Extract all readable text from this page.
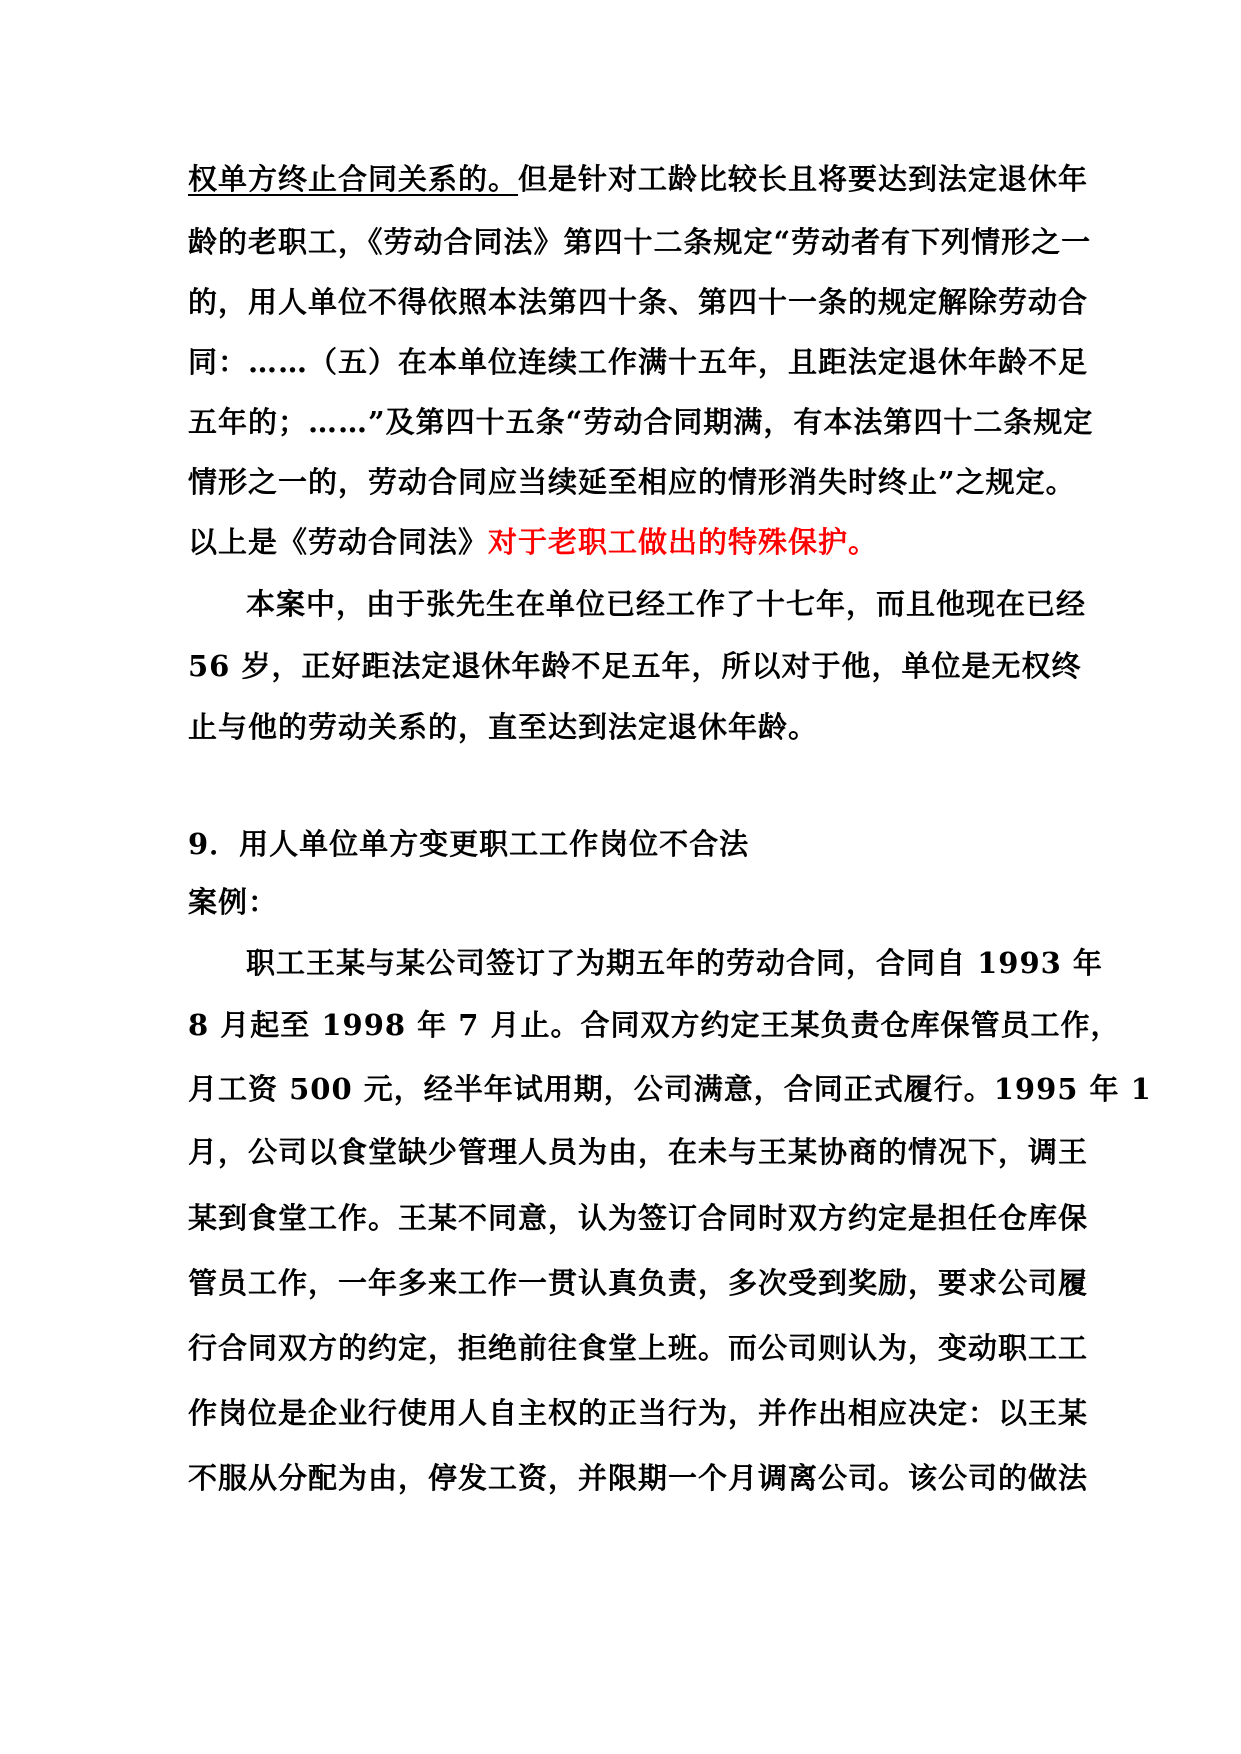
权单方终止合同关系的。但是针对工龄比较长且将要达到法定退休年
龄的老职工，《劳动合同法》第四十二条规定“劳动者有下列情形之一
的，用人单位不得依照本法第四十条、第四十一条的规定解除劳动合
同：……（五）在本单位连续工作满十五年，且距法定退休年龄不足
五年的；……”及第四十五条“劳动合同期满，有本法第四十二条规定
情形之一的，劳动合同应当续延至相应的情形消失时终止”之规定。
以上是《劳动合同法》对于老职工做出的特殊保护。
本案中，由于张先生在单位已经工作了十七年，而且他现在已经
56 岁，正好距法定退休年龄不足五年，所以对于他，单位是无权终
止与他的劳动关系的，直至达到法定退休年龄。
9．用人单位单方变更职工工作岗位不合法
案例：
职工王某与某公司签订了为期五年的劳动合同，合同自 1993 年
8 月起至 1998 年 7 月止。合同双方约定王某负责仓库保管员工作，
月工资 500 元，经半年试用期，公司满意，合同正式履行。1995 年 1
月，公司以食堂缺少管理人员为由，在未与王某协商的情况下，调王
某到食堂工作。王某不同意，认为签订合同时双方约定是担任仓库保
管员工作，一年多来工作一贯认真负责，多次受到奖励，要求公司履
行合同双方的约定，拒绝前往食堂上班。而公司则认为，变动职工工
作岗位是企业行使用人自主权的正当行为，并作出相应决定：以王某
不服从分配为由，停发工资，并限期一个月调离公司。该公司的做法
